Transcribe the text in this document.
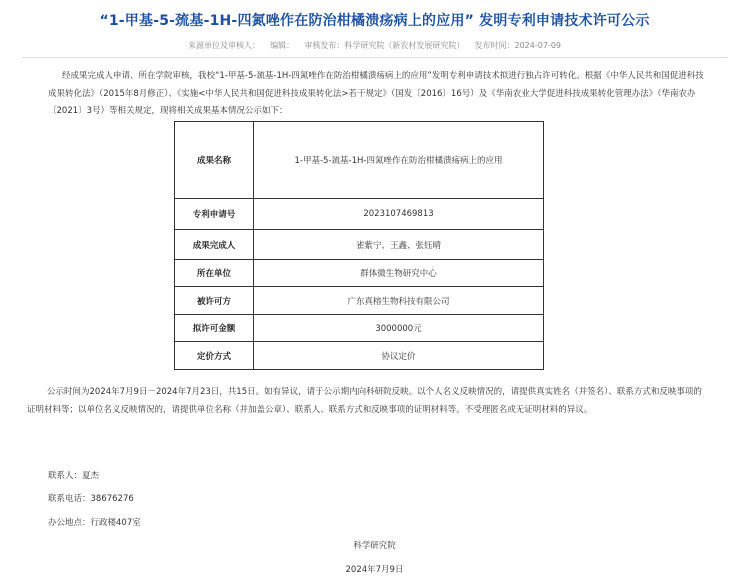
“1-甲基-5-巯基-1H-四氮唑作在防治柑橘溃疡病上的应用” 发明专利申请技术许可公示
来源单位及审核人： 编辑： 审核发布：科学研究院（新农村发展研究院） 发布时间：2024-07-09

经成果完成人申请、所在学院审核，我校“1-甲基-5-巯基-1H-四氮唑作在防治柑橘溃疡病上的应用”发明专利申请技术拟进行独占许可转化。根据《中华人民共和国促进科技成果转化法》（2015年8月修正）、《实施<中华人民共和国促进科技成果转化法>若干规定》（国发〔2016〕16号）及《华南农业大学促进科技成果转化管理办法》（华南农办〔2021〕3号）等相关规定，现将相关成果基本情况公示如下：

成果名称	1-甲基-5-巯基-1H-四氮唑作在防治柑橘溃疡病上的应用
专利申请号	2023107469813
成果完成人	雀紫宁、王鑫、张钰晴
所在单位	群体微生物研究中心
被许可方	广东真榕生物科技有限公司
拟许可金额	3000000元
定价方式	协议定价

公示时间为2024年7月9日－2024年7月23日，共15日。如有异议，请于公示期内向科研院反映。以个人名义反映情况的，请提供真实姓名（并签名）、联系方式和反映事项的证明材料等；以单位名义反映情况的，请提供单位名称（并加盖公章）、联系人、联系方式和反映事项的证明材料等。不受理匿名或无证明材料的异议。

联系人：夏杰
联系电话：38676276
办公地点：行政楼407室
科学研究院
2024年7月9日
